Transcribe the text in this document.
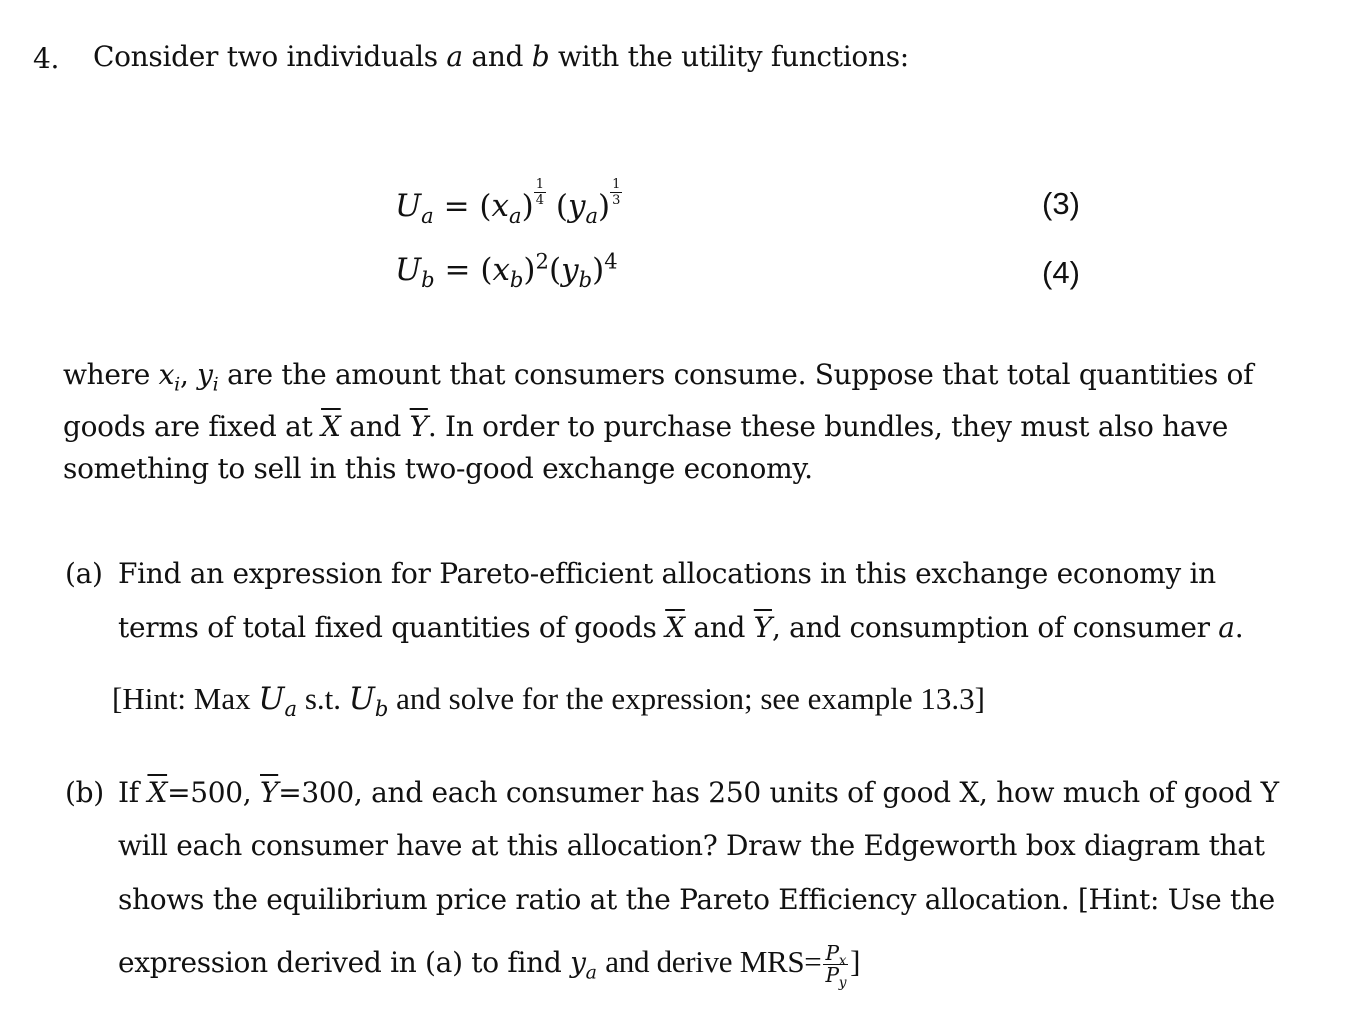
4. Consider two individuals a and b with the utility functions:
$U_a = (x_a) \frac{1}{4} (y_a) \frac{1}{3}$	(3)
$U_b = (x_b)^2(y_b)^4$	(4)
where $x_i$, $y_i$ are the amount that consumers consume. Suppose that total quantities of
goods are fixed at $\overline{X}$ and $\overline{Y}$. In order to purchase these bundles, they must also have
something to sell in this two-good exchange economy.
(a) Find an expression for Pareto-efficient allocations in this exchange economy in
terms of total fixed quantities of goods $\overline{X}$ and $\overline{Y}$, and consumption of consumer a.
[Hint: Max $U_a$ s.t. $U_b$ and solve for the expression; see example 13.3]
(b) If $\overline{X}=500$, $\overline{Y}=300$, and each consumer has 250 units of good X, how much of good Y
will each consumer have at this allocation? Draw the Edgeworth box diagram that
shows the equilibrium price ratio at the Pareto Efficiency allocation. [Hint: Use the
expression derived in (a) to find $y_a$ and derive $MRS= \frac{P_x}{P_y}$ ]
